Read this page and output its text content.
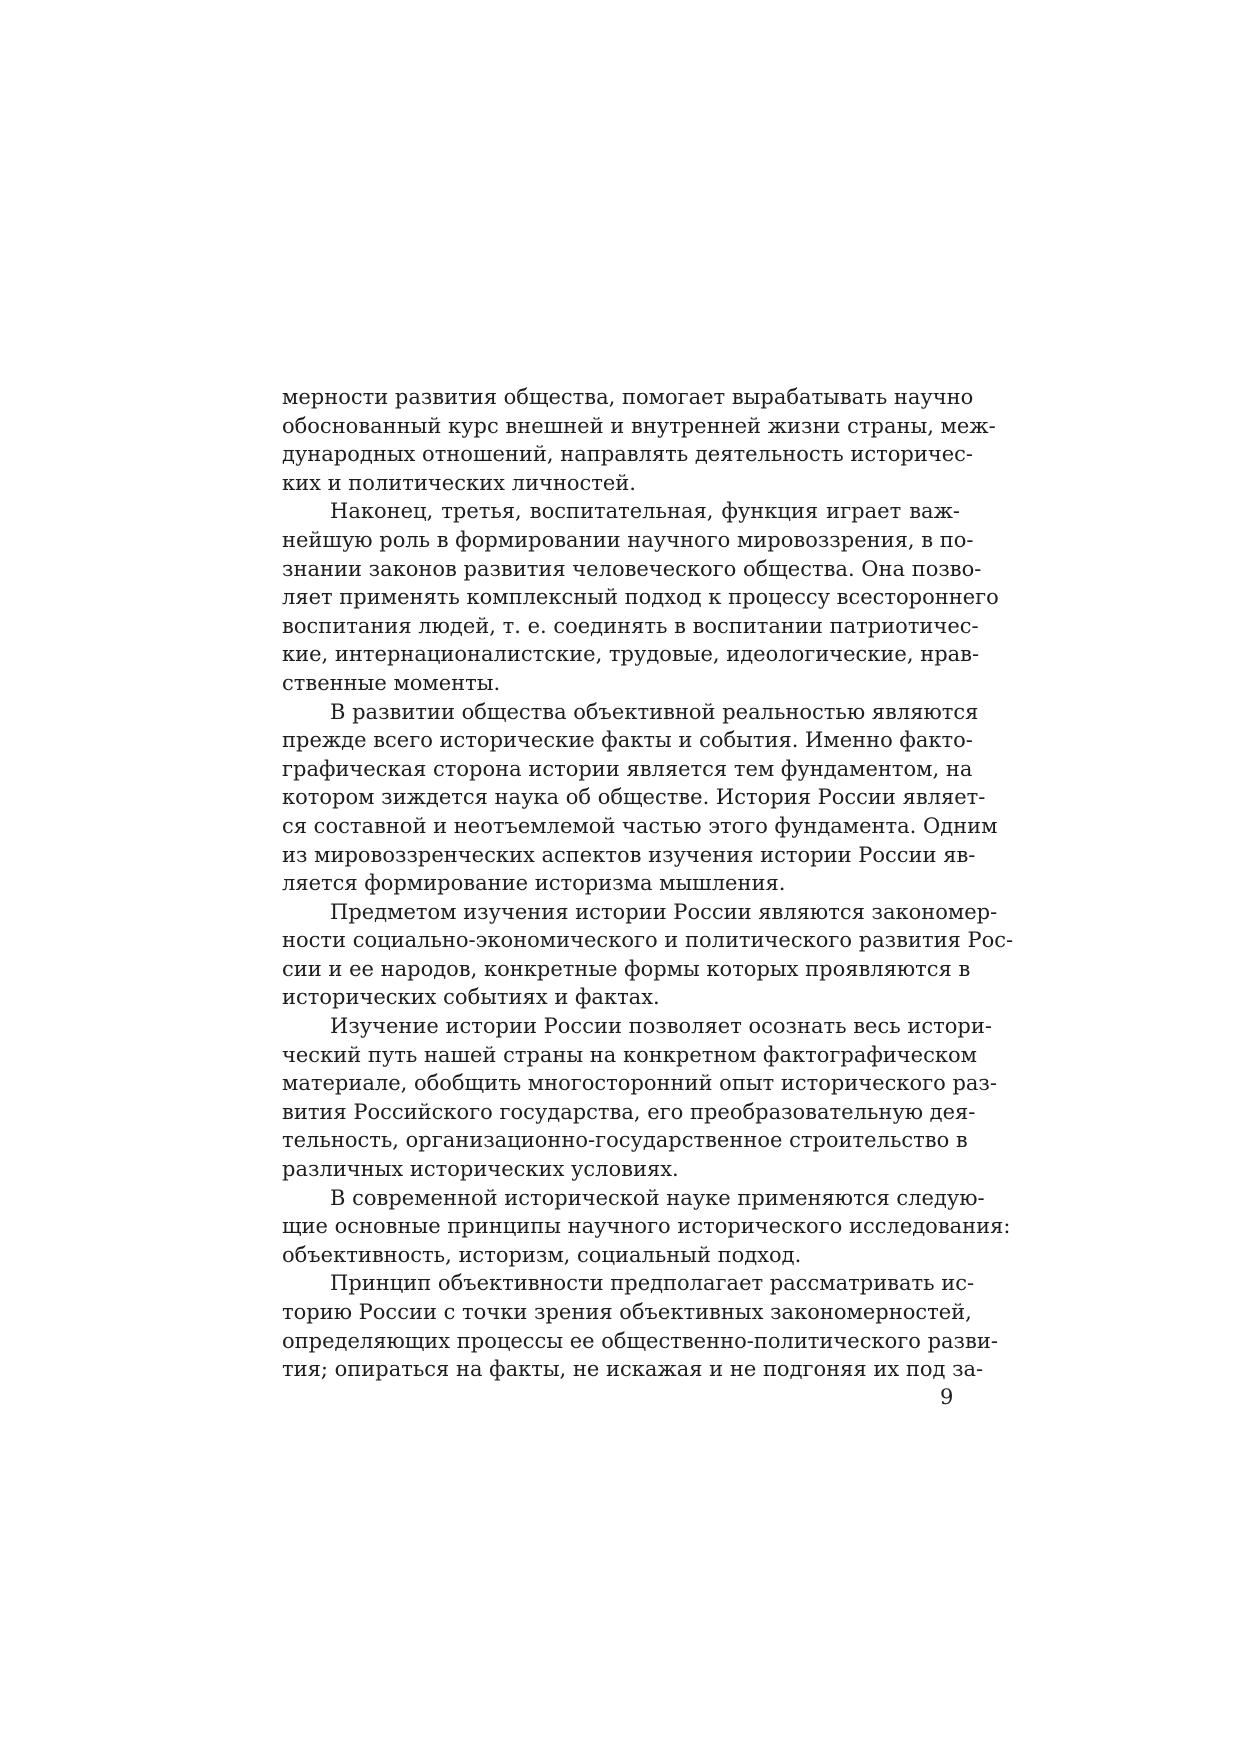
мерности развития общества, помогает вырабатывать научно
обоснованный курс внешней и внутренней жизни страны, меж-
дународных отношений, направлять деятельность историчес-
ких и политических личностей.
Наконец, третья, воспитательная, функция играет важ-
нейшую роль в формировании научного мировоззрения, в по-
знании законов развития человеческого общества. Она позво-
ляет применять комплексный подход к процессу всестороннего
воспитания людей, т. е. соединять в воспитании патриотичес-
кие, интернационалистские, трудовые, идеологические, нрав-
ственные моменты.
В развитии общества объективной реальностью являются
прежде всего исторические факты и события. Именно факто-
графическая сторона истории является тем фундаментом, на
котором зиждется наука об обществе. История России являет-
ся составной и неотъемлемой частью этого фундамента. Одним
из мировоззренческих аспектов изучения истории России яв-
ляется формирование историзма мышления.
Предметом изучения истории России являются закономер-
ности социально-экономического и политического развития Рос-
сии и ее народов, конкретные формы которых проявляются в
исторических событиях и фактах.
Изучение истории России позволяет осознать весь истори-
ческий путь нашей страны на конкретном фактографическом
материале, обобщить многосторонний опыт исторического раз-
вития Российского государства, его преобразовательную дея-
тельность, организационно-государственное строительство в
различных исторических условиях.
В современной исторической науке применяются следую-
щие основные принципы научного исторического исследования:
объективность, историзм, социальный подход.
Принцип объективности предполагает рассматривать ис-
торию России с точки зрения объективных закономерностей,
определяющих процессы ее общественно-политического разви-
тия; опираться на факты, не искажая и не подгоняя их под за-
9
